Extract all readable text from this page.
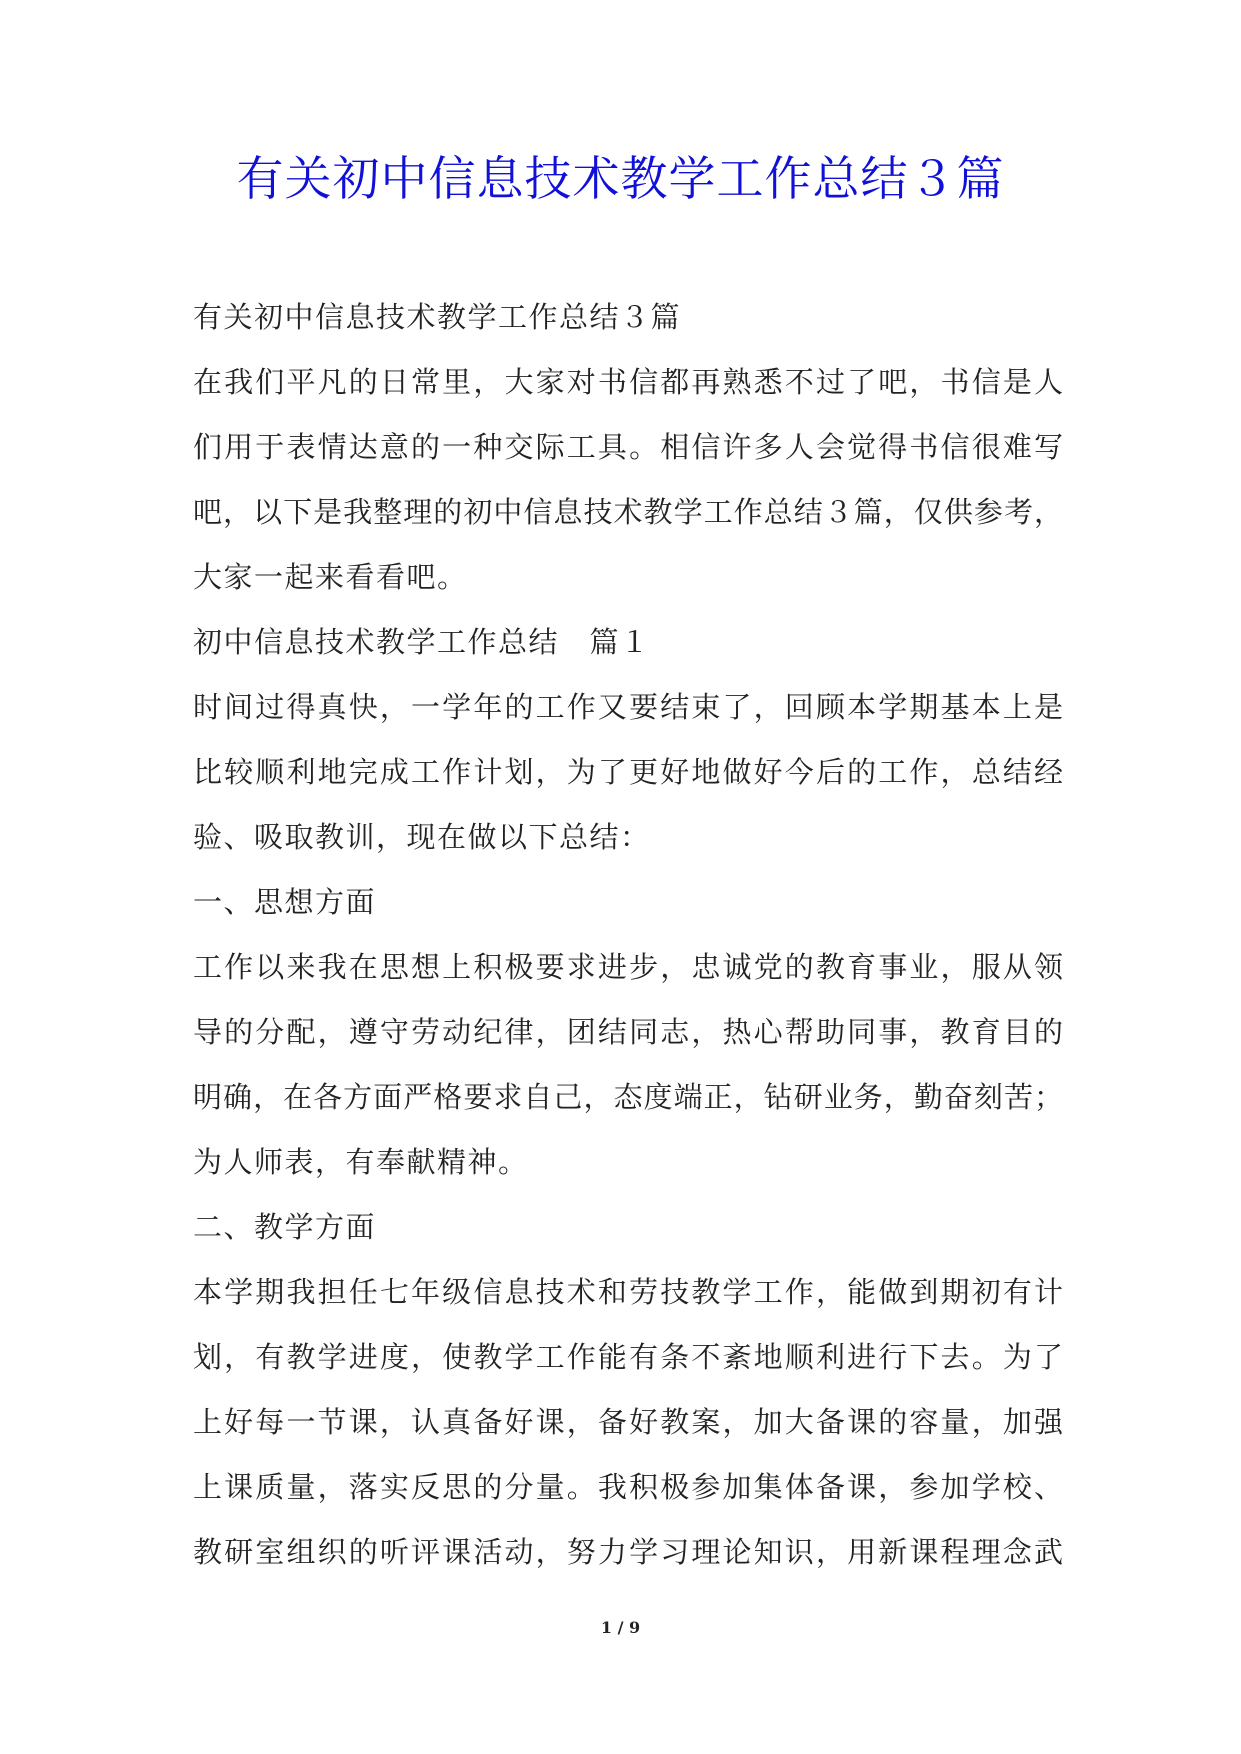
有关初中信息技术教学工作总结３篇
有关初中信息技术教学工作总结３篇
在我们平凡的日常里，大家对书信都再熟悉不过了吧，书信是人
们用于表情达意的一种交际工具。相信许多人会觉得书信很难写
吧，以下是我整理的初中信息技术教学工作总结３篇，仅供参考，
大家一起来看看吧。
初中信息技术教学工作总结　篇１
时间过得真快，一学年的工作又要结束了，回顾本学期基本上是
比较顺利地完成工作计划，为了更好地做好今后的工作，总结经
验、吸取教训，现在做以下总结：
一、思想方面
工作以来我在思想上积极要求进步，忠诚党的教育事业，服从领
导的分配，遵守劳动纪律，团结同志，热心帮助同事，教育目的
明确，在各方面严格要求自己，态度端正，钻研业务，勤奋刻苦；
为人师表，有奉献精神。
二、教学方面
本学期我担任七年级信息技术和劳技教学工作，能做到期初有计
划，有教学进度，使教学工作能有条不紊地顺利进行下去。为了
上好每一节课，认真备好课，备好教案，加大备课的容量，加强
上课质量，落实反思的分量。我积极参加集体备课，参加学校、
教研室组织的听评课活动，努力学习理论知识，用新课程理念武
1 / 9
